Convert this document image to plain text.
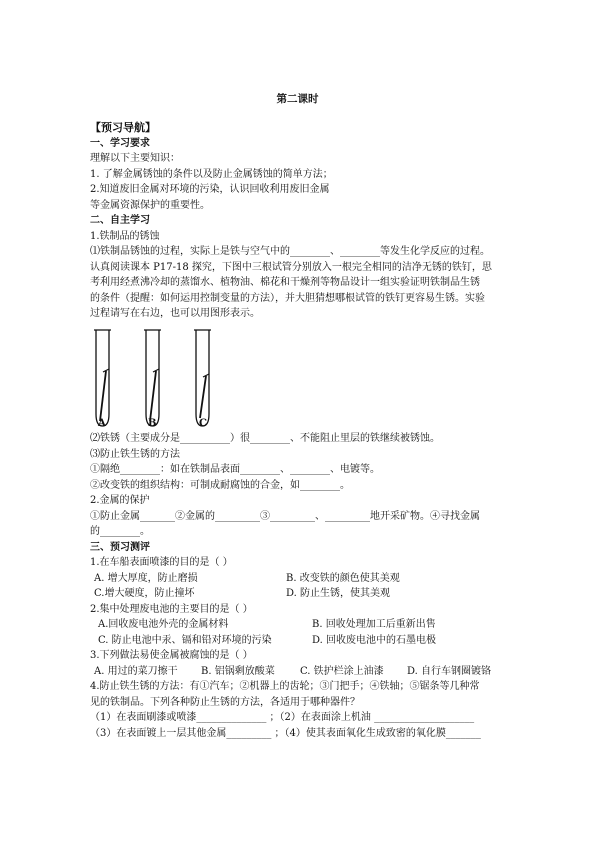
第二课时
【预习导航】
一、学习要求
理解以下主要知识：
1. 了解金属锈蚀的条件以及防止金属锈蚀的简单方法；
2.知道废旧金属对环境的污染，认识回收利用废旧金属
等金属资源保护的重要性。
二、自主学习
1.铁制品的锈蚀
⑴铁制品锈蚀的过程，实际上是铁与空气中的________、________等发生化学反应的过程。
认真阅读课本 P17-18 探究，下图中三根试管分别放入一根完全相同的洁净无锈的铁钉，思
考利用经煮沸冷却的蒸馏水、植物油、棉花和干燥剂等物品设计一组实验证明铁制品生锈
的条件（提醒：如何运用控制变量的方法），并大胆猜想哪根试管的铁钉更容易生锈。实验
过程请写在右边，也可以用图形表示。
A	B	C
⑵铁锈（主要成分是__________）很________、不能阻止里层的铁继续被锈蚀。
⑶防止铁生锈的方法
①隔绝________：如在铁制品表面________、________、电镀等。
②改变铁的组织结构：可制成耐腐蚀的合金，如________。
2.金属的保护
①防止金属_______②金属的_________③_________、_________地开采矿物。④寻找金属
的________。
三、预习测评
1.在车船表面喷漆的目的是（ ）
A. 增大厚度，防止磨损	B. 改变铁的颜色使其美观
C.增大硬度，防止撞坏	D. 防止生锈，使其美观
2.集中处理废电池的主要目的是（ ）
A.回收废电池外壳的金属材料	B. 回收处理加工后重新出售
C. 防止电池中汞、镉和铅对环境的污染	D. 回收废电池中的石墨电极
3.下列做法易使金属被腐蚀的是（ ）
A. 用过的菜刀擦干 B. 铝锅剩放酸菜	C. 铁护栏涂上油漆 D. 自行车钢圈镀铬
4.防止铁生锈的方法：有①汽车；②机器上的齿轮；③门把手；④铁轴；⑤锯条等几种常
见的铁制品。下列各种防止生锈的方法，各适用于哪种器件？
（1）在表面刷漆或喷漆______________ ；（2）在表面涂上机油 ____________________
（3）在表面镀上一层其他金属_________ ；（4）使其表面氧化生成致密的氧化膜_______
